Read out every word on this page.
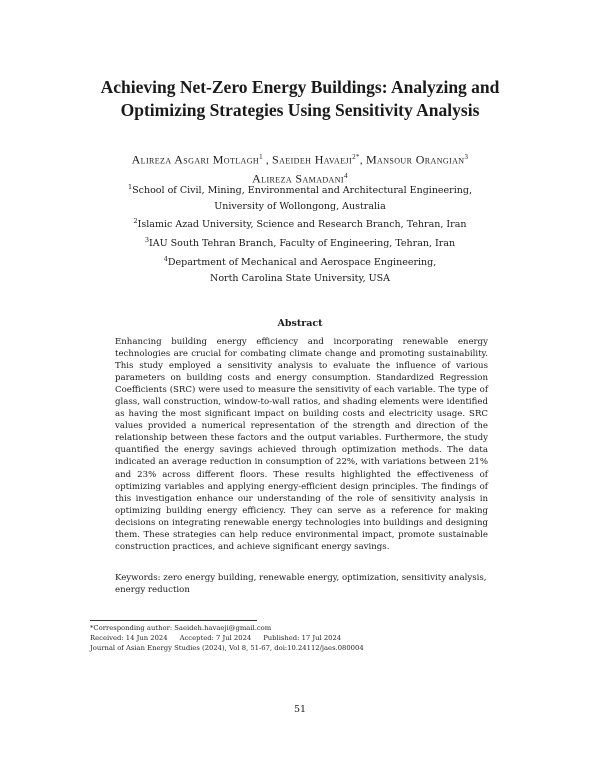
Achieving Net-Zero Energy Buildings: Analyzing and
Optimizing Strategies Using Sensitivity Analysis
Alireza Asgari Motlagh$^1$ , Saeideh Havaeji$^{2*}$, Mansour Orangian$^3$
Alireza Samadani$^4$
$^1$School of Civil, Mining, Environmental and Architectural Engineering,
University of Wollongong, Australia
$^2$Islamic Azad University, Science and Research Branch, Tehran, Iran
$^3$IAU South Tehran Branch, Faculty of Engineering, Tehran, Iran
$^4$Department of Mechanical and Aerospace Engineering,
North Carolina State University, USA
Abstract

Enhancing building energy efficiency and incorporating renewable energy technologies are crucial for combating climate change and promoting sustainability. This study employed a sensitivity analysis to evaluate the influence of various parameters on building costs and energy consumption. Standardized Regression Coefficients (SRC) were used to measure the sensitivity of each variable. The type of glass, wall construction, window-to-wall ratios, and shading elements were identified as having the most significant impact on building costs and electricity usage. SRC values provided a numerical representation of the strength and direction of the relationship between these factors and the output variables. Furthermore, the study quantified the energy savings achieved through optimization methods. The data indicated an average reduction in consumption of 22%, with variations between 21% and 23% across different floors. These results highlighted the effectiveness of optimizing variables and applying energy-efficient design principles. The findings of this investigation enhance our understanding of the role of sensitivity analysis in optimizing building energy efficiency. They can serve as a reference for making decisions on integrating renewable energy technologies into buildings and designing them. These strategies can help reduce environmental impact, promote sustainable construction practices, and achieve significant energy savings.

Keywords: zero energy building, renewable energy, optimization, sensitivity analysis, energy reduction

*Corresponding author: Saeideh.havaeji@gmail.com
Received: 14 Jun 2024 Accepted: 7 Jul 2024 Published: 17 Jul 2024
Journal of Asian Energy Studies (2024), Vol 8, 51-67, doi:10.24112/jaes.080004
51
